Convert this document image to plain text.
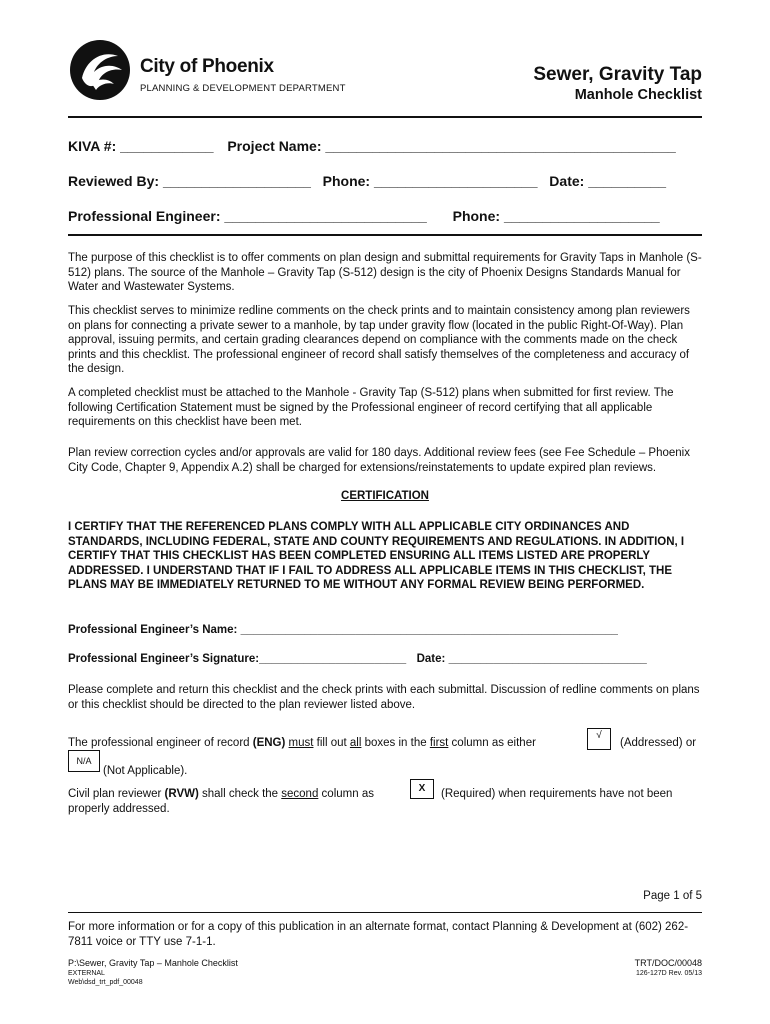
City of Phoenix
PLANNING & DEVELOPMENT DEPARTMENT
Sewer, Gravity Tap
Manhole Checklist
KIVA #: ____________ Project Name: _____________________________________________
Reviewed By: ___________________ Phone: _____________________ Date: __________
Professional Engineer: __________________________ Phone: ____________________
The purpose of this checklist is to offer comments on plan design and submittal requirements for Gravity Taps in Manhole (S-512) plans. The source of the Manhole – Gravity Tap (S-512) design is the city of Phoenix Designs Standards Manual for Water and Wastewater Systems.
This checklist serves to minimize redline comments on the check prints and to maintain consistency among plan reviewers on plans for connecting a private sewer to a manhole, by tap under gravity flow (located in the public Right-Of-Way). Plan approval, issuing permits, and certain grading clearances depend on compliance with the comments made on the check prints and this checklist. The professional engineer of record shall satisfy themselves of the completeness and accuracy of the design.
A completed checklist must be attached to the Manhole - Gravity Tap (S-512) plans when submitted for first review. The following Certification Statement must be signed by the Professional engineer of record certifying that all applicable requirements on this checklist have been met.
Plan review correction cycles and/or approvals are valid for 180 days. Additional review fees (see Fee Schedule – Phoenix City Code, Chapter 9, Appendix A.2) shall be charged for extensions/reinstatements to update expired plan reviews.
CERTIFICATION
I CERTIFY THAT THE REFERENCED PLANS COMPLY WITH ALL APPLICABLE CITY ORDINANCES AND STANDARDS, INCLUDING FEDERAL, STATE AND COUNTY REQUIREMENTS AND REGULATIONS. IN ADDITION, I CERTIFY THAT THIS CHECKLIST HAS BEEN COMPLETED ENSURING ALL ITEMS LISTED ARE PROPERLY ADDRESSED. I UNDERSTAND THAT IF I FAIL TO ADDRESS ALL APPLICABLE ITEMS IN THIS CHECKLIST, THE PLANS MAY BE IMMEDIATELY RETURNED TO ME WITHOUT ANY FORMAL REVIEW BEING PERFORMED.
Professional Engineer’s Name: ___________________________________________________________
Professional Engineer’s Signature:_______________________ Date: _______________________________
Please complete and return this checklist and the check prints with each submittal. Discussion of redline comments on plans or this checklist should be directed to the plan reviewer listed above.
The professional engineer of record (ENG) must fill out all boxes in the first column as either
√
(Addressed) or
N/A
(Not Applicable).
Civil plan reviewer (RVW) shall check the second column as	X	(Required) when requirements have not been
properly addressed.
Page 1 of 5
For more information or for a copy of this publication in an alternate format, contact Planning & Development at (602) 262-7811 voice or TTY use 7-1-1.
P:\Sewer, Gravity Tap – Manhole Checklist
EXTERNAL
Web\dsd_trt_pdf_00048
TRT/DOC/00048
126-127D Rev. 05/13
